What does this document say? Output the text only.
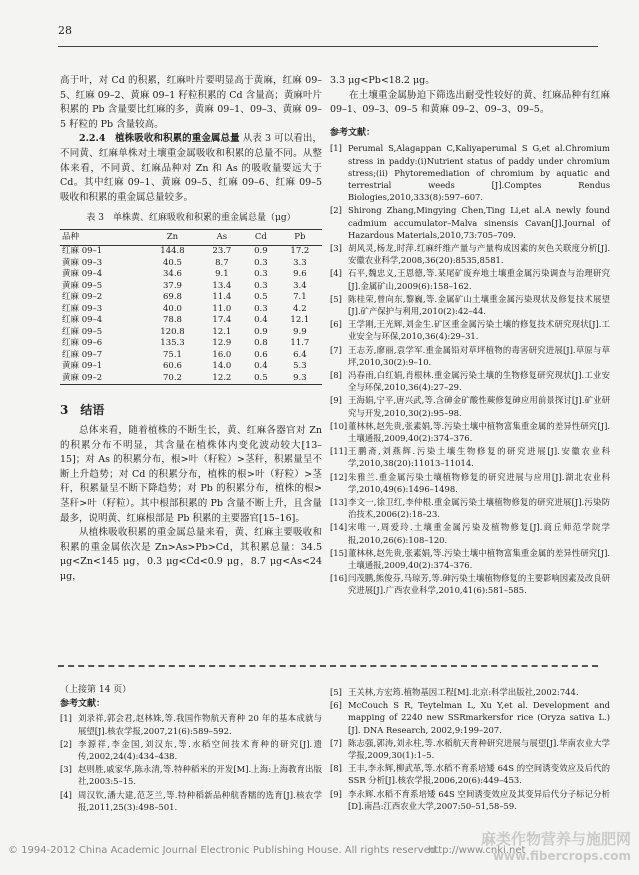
28

高于叶，对 Cd 的积累，红麻叶片要明显高于黄麻，红麻 09–5、红麻 09–2、黄麻 09–1 籽粒积累的 Cd 含量高；黄麻叶片积累的 Pb 含量要比红麻的多，黄麻 09–1、09–3、黄麻 09–5 籽粒的 Pb 含量较高。

2.2.4　植株吸收和积累的重金属总量 从表 3 可以看出，不同黄、红麻单株对土壤重金属吸收和积累的总量不同。从整体来看，不同黄、红麻品种对 Zn 和 As 的吸收量要远大于 Cd。其中红麻 09–1、黄麻 09–5、红麻 09–6、红麻 09–5 吸收和积累的重金属总量较多。

表 3　单株黄、红麻吸收和积累的重金属总量（μg）
品种	Zn	As	Cd	Pb
红麻 09–1	144.8	23.7	0.9	17.2
黄麻 09–3	40.5	8.7	0.3	3.3
黄麻 09–4	34.6	9.1	0.3	9.6
黄麻 09–5	37.9	13.4	0.3	3.4
红麻 09–2	69.8	11.4	0.5	7.1
红麻 09–3	40.0	11.0	0.3	4.2
红麻 09–4	78.8	17.4	0.4	12.1
红麻 09–5	120.8	12.1	0.9	9.9
红麻 09–6	135.3	12.9	0.8	11.7
红麻 09–7	75.1	16.0	0.6	6.4
黄麻 09–1	60.6	14.0	0.4	5.3
黄麻 09–2	70.2	12.2	0.5	9.3
3　结语

总体来看，随着植株的不断生长，黄、红麻各器官对 Zn 的积累分布不明显，其含量在植株体内变化波动较大[13–15]；对 As 的积累分布，根>叶（籽粒）>茎秆，积累量呈不断上升趋势；对 Cd 的积累分布，植株的根>叶（籽粒）>茎秆，积累量呈不断下降趋势；对 Pb 的积累分布，植株的根>茎秆>叶（籽粒）。其中根部积累的 Pb 含量不断上升，且含量最多，说明黄、红麻根部是 Pb 积累的主要器官[15–16]。

从植株吸收积累的重金属总量来看，黄、红麻主要吸收和积累的重金属依次是 Zn>As>Pb>Cd，其积累总量：34.5 μg<Zn<145 μg，0.3 μg<Cd<0.9 μg，8.7 μg<As<24 μg，

3.3 μg<Pb<18.2 μg。

在土壤重金属胁迫下筛选出耐受性较好的黄、红麻品种有红麻 09–1、09–3、09–5 和黄麻 09–2、09–3、09–5。

参考文献：
[1] Perumal S,Alagappan C,Kaliyaperumal S G,et al.Chromium stress in paddy:(i)Nutrient status of paddy under chromium stress;(ii) Phytoremediation of chromium by aquatic and terrestrial weeds [J].Comptes Rendus Biologies,2010,333(8):597–607.
[2] Shirong Zhang,Mingying Chen,Ting Li,et al.A newly found cadmium accumulator–Malva sinensis Cavan[J].Journal of Hazardous Materials,2010,73:705–709.
[3] 胡风灵,杨龙,时萍.红麻纤维产量与产量构成因素的灰色关联度分析[J].安徽农业科学,2008,36(20):8535,8581.
[4] 石平,魏忠义,王恩德,等.某尾矿废弃地土壤重金属污染调查与治理研究[J].金属矿山,2009(6):158–162.
[5] 陈桂荣,曾向东,黎巍,等.金属矿山土壤重金属污染现状及修复技术展望[J].矿产保护与利用,2010(2):42–44.
[6] 王学刚,王光辉,刘金生.矿区重金属污染土壤的修复技术研究现状[J].工业安全与环保,2010,36(4):29–31.
[7] 王志芳,廖丽,袁学军.重金属铅对草坪植物的毒害研究进展[J].草原与草坪,2010,30(2):9–10.
[8] 冯春雨,白红娟,肖根林.重金属污染土壤的生物修复研究现状[J].工业安全与环保,2010,36(4):27–29.
[9] 王海娟,宁平,唐兴武,等.含砷金矿酸性蕨修复砷应用前景探讨[J].矿业研究与开发,2010,30(2):95–98.
[10] 董林林,赵先贵,张素娟,等.污染土壤中植物富集重金属的差异性研究[J].土壤通报,2009,40(2):374–376.
[11] 王鹏斋,刘燕辉.污染土壤生物修复的研究进展[J].安徽农业科学,2010,38(20):11013–11014.
[12] 朱雅兰.重金属污染土壤植物修复的研究进展与应用[J].湖北农业科学,2010,49(6):1496–1498.
[13] 李文一,徐卫红,李仲根.重金属污染土壤植物修复的研究进展[J].污染防治技术,2006(2):18–23.
[14] 宋唯一,周爱玲.土壤重金属污染及植物修复[J].商丘师范学院学报,2010,26(6):108–120.
[15] 董林林,赵先贵,张素娟,等.污染土壤中植物富集重金属的差异性研究[J].土壤通报,2009,40(2):374–376.
[16] 闫茂鹏,熊俊芬,马琼芳,等.砷污染土壤植物修复的主要影响因素及改良研究进展[J].广西农业科学,2010,41(6):581–585.
（上接第 14 页）
参考文献：
[1] 刘录祥,郭会君,赵林姝,等.我国作物航天育种 20 年的基本成就与展望[J].核农学报,2007,21(6):589–592.
[2] 李源祥,李金国,刘汉东,等.水稻空间技术育种的研究[J].遗传,2002,24(4):434–438.
[3] 赵则胜,戚家华,陈永清,等.特种稻米的开发[M].上海:上海教育出版社,2003:5–15.
[4] 周汉钦,潘大建,范芝兰,等.特种稻新品种航香糯的选育[J].核农学报,2011,25(3):498–501.
[5] 王关林,方宏筠.植物基因工程[M].北京:科学出版社,2002:744.
[6] McCouch S R, Teytelman L, Xu Y,et al. Development and mapping of 2240 new SSRmarkersfor rice (Oryza sativa L.)[J]. DNA Research, 2002,9:199–207.
[7] 陈志强,郭涛,刘永柱,等.水稻航天育种研究进展与展望[J].华南农业大学学报,2009,30(1):1–5.
[8] 王丰,李永辉,柳武革,等.水稻不育系培矮 64S 的空间诱变效应及后代的 SSR 分析[J].核农学报,2006,20(6):449–453.
[9] 李永辉.水稻不育系培矮 64S 空间诱变效应及其变异后代分子标记分析[D].南昌:江西农业大学,2007:50–51,58–59.
© 1994-2012 China Academic Journal Electronic Publishing House. All rights reserved.
http://www.cnki.net
麻类作物营养与施肥网
www.fibercrops.com
